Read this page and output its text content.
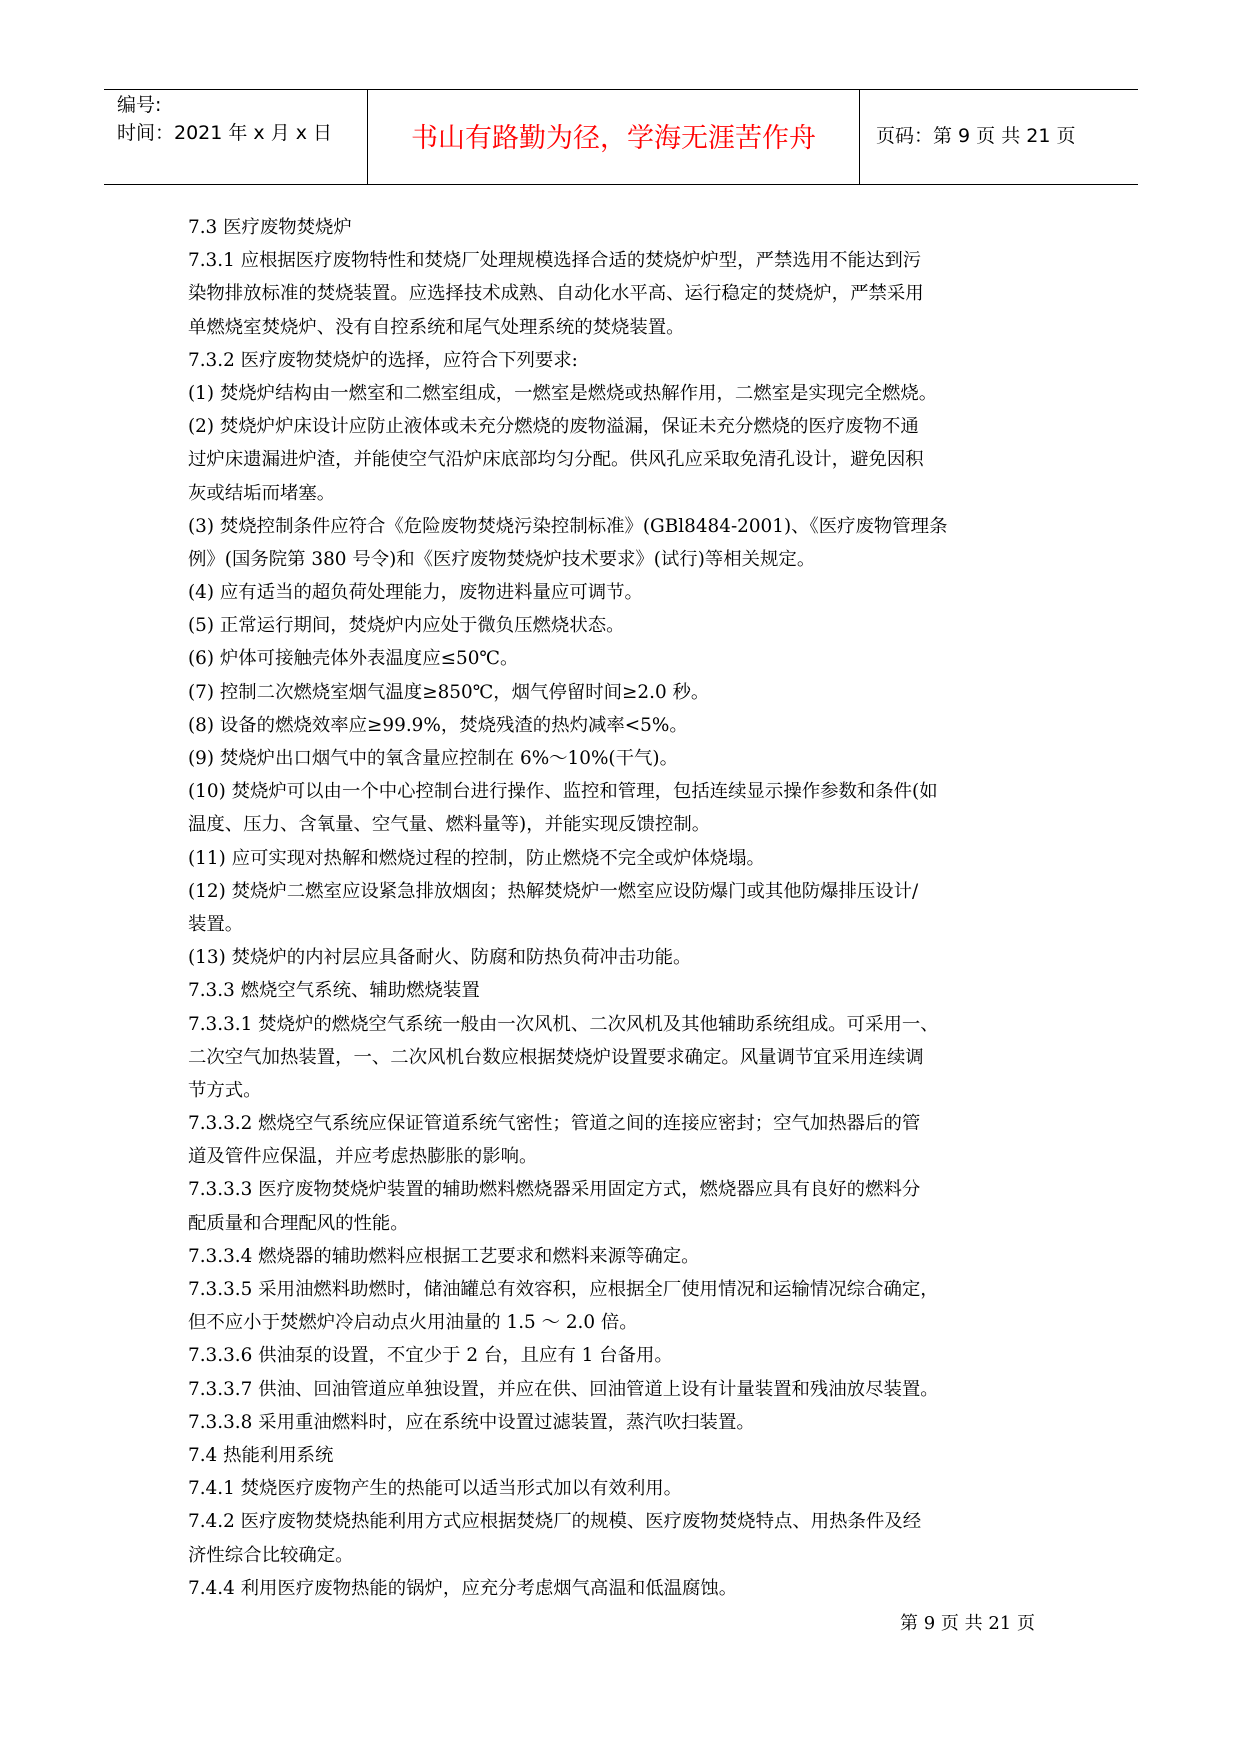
编号:
时间：2021 年 x 月 x 日	书山有路勤为径，学海无涯苦作舟	页码：第 9 页 共 21 页
7.3 医疗废物焚烧炉
7.3.1 应根据医疗废物特性和焚烧厂处理规模选择合适的焚烧炉炉型，严禁选用不能达到污
染物排放标准的焚烧装置。应选择技术成熟、自动化水平高、运行稳定的焚烧炉，严禁采用
单燃烧室焚烧炉、没有自控系统和尾气处理系统的焚烧装置。
7.3.2 医疗废物焚烧炉的选择，应符合下列要求:
(1) 焚烧炉结构由一燃室和二燃室组成，一燃室是燃烧或热解作用，二燃室是实现完全燃烧。
(2) 焚烧炉炉床设计应防止液体或未充分燃烧的废物溢漏，保证未充分燃烧的医疗废物不通
过炉床遗漏进炉渣，并能使空气沿炉床底部均匀分配。供风孔应采取免清孔设计，避免因积
灰或结垢而堵塞。
(3) 焚烧控制条件应符合《危险废物焚烧污染控制标准》(GBl8484-2001)、《医疗废物管理条
例》(国务院第 380 号令)和《医疗废物焚烧炉技术要求》(试行)等相关规定。
(4) 应有适当的超负荷处理能力，废物进料量应可调节。
(5) 正常运行期间，焚烧炉内应处于微负压燃烧状态。
(6) 炉体可接触壳体外表温度应≤50℃。
(7) 控制二次燃烧室烟气温度≥850℃，烟气停留时间≥2.0 秒。
(8) 设备的燃烧效率应≥99.9%，焚烧残渣的热灼减率<5%。
(9) 焚烧炉出口烟气中的氧含量应控制在 6%～10%(干气)。
(10) 焚烧炉可以由一个中心控制台进行操作、监控和管理，包括连续显示操作参数和条件(如
温度、压力、含氧量、空气量、燃料量等)，并能实现反馈控制。
(11) 应可实现对热解和燃烧过程的控制，防止燃烧不完全或炉体烧塌。
(12) 焚烧炉二燃室应设紧急排放烟囱；热解焚烧炉一燃室应设防爆门或其他防爆排压设计/
装置。
(13) 焚烧炉的内衬层应具备耐火、防腐和防热负荷冲击功能。
7.3.3 燃烧空气系统、辅助燃烧装置
7.3.3.1 焚烧炉的燃烧空气系统一般由一次风机、二次风机及其他辅助系统组成。可采用一、
二次空气加热装置，一、二次风机台数应根据焚烧炉设置要求确定。风量调节宜采用连续调
节方式。
7.3.3.2 燃烧空气系统应保证管道系统气密性；管道之间的连接应密封；空气加热器后的管
道及管件应保温，并应考虑热膨胀的影响。
7.3.3.3 医疗废物焚烧炉装置的辅助燃料燃烧器采用固定方式，燃烧器应具有良好的燃料分
配质量和合理配风的性能。
7.3.3.4 燃烧器的辅助燃料应根据工艺要求和燃料来源等确定。
7.3.3.5 采用油燃料助燃时，储油罐总有效容积，应根据全厂使用情况和运输情况综合确定，
但不应小于焚燃炉冷启动点火用油量的 1.5 ～ 2.0 倍。
7.3.3.6 供油泵的设置，不宜少于 2 台，且应有 1 台备用。
7.3.3.7 供油、回油管道应单独设置，并应在供、回油管道上设有计量装置和残油放尽装置。
7.3.3.8 采用重油燃料时，应在系统中设置过滤装置，蒸汽吹扫装置。
7.4 热能利用系统
7.4.1 焚烧医疗废物产生的热能可以适当形式加以有效利用。
7.4.2 医疗废物焚烧热能利用方式应根据焚烧厂的规模、医疗废物焚烧特点、用热条件及经
济性综合比较确定。
7.4.4 利用医疗废物热能的锅炉，应充分考虑烟气高温和低温腐蚀。
第 9 页 共 21 页
